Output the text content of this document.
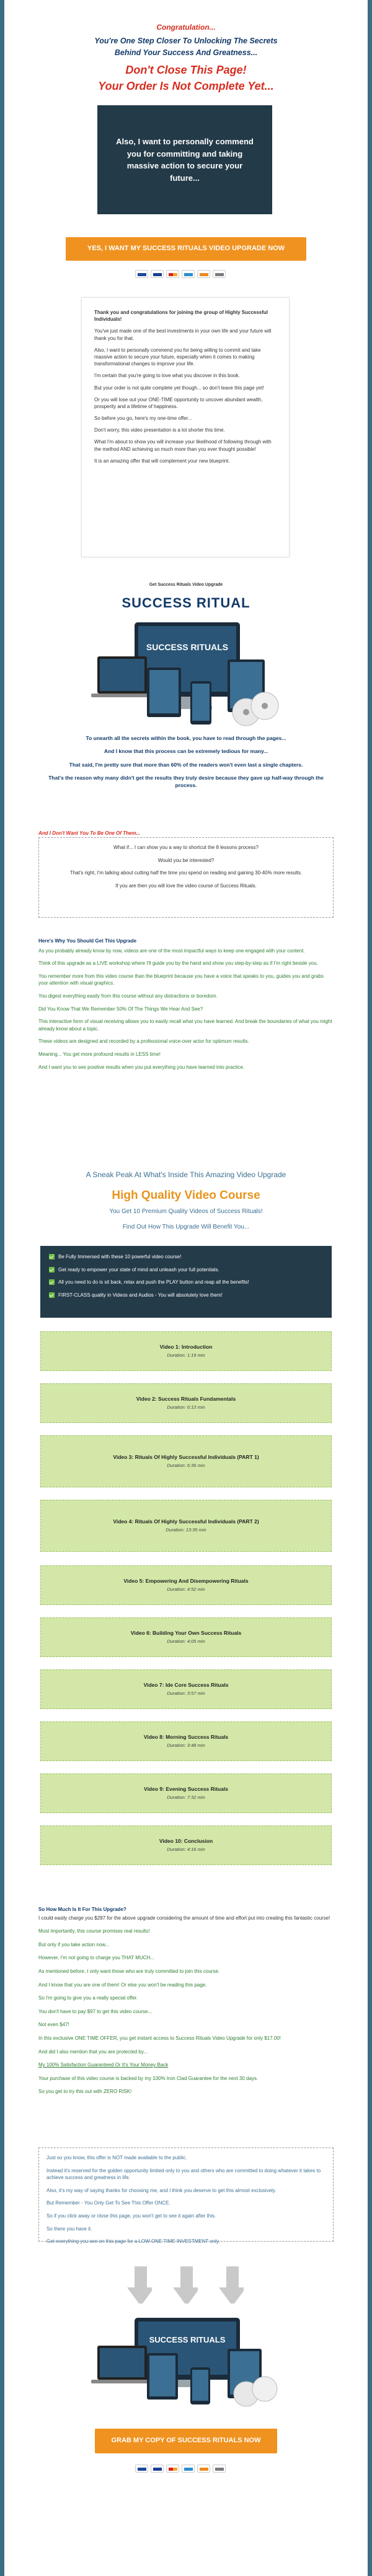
Congratulation...
You're One Step Closer To Unlocking The Secrets
Behind Your Success And Greatness...
Don't Close This Page!
Your Order Is Not Complete Yet...
Also, I want to personally commend you for committing and taking massive action to secure your future...
YES, I WANT MY SUCCESS RITUALS VIDEO UPGRADE NOW

Thank you and congratulations for joining the group of Highly Successful Individuals!

You've just made one of the best investments in your own life and your future will thank you for that.

Also, I want to personally commend you for being willing to commit and take massive action to secure your future, especially when it comes to making transformational changes to improve your life.

I'm certain that you're going to love what you discover in this book.

But your order is not quite complete yet though... so don't leave this page yet!

Or you will lose out your ONE-TIME opportunity to uncover abundant wealth, prosperity and a lifetime of happiness.

So before you go, here's my one-time offer...

Don't worry, this video presentation is a lot shorter this time.

What I'm about to show you will increase your likelihood of following through with the method AND achieving so much more than you ever thought possible!

It is an amazing offer that will complement your new blueprint.

Get Success Rituals Video Upgrade
SUCCESS RITUAL
SUCCESS RITUALS

To unearth all the secrets within the book, you have to read through the pages...

And I know that this process can be extremely tedious for many...

That said, I'm pretty sure that more than 60% of the readers won't even last a single chapters.

That's the reason why many didn't get the results they truly desire because they gave up half-way through the process.

And I Don't Want You To Be One Of Them...

What if... I can show you a way to shortcut the 8 lessons process?

Would you be interested?

That's right, I'm talking about cutting half the time you spend on reading and gaining 30-40% more results.

If you are then you will love the video course of Success Rituals.

Here's Why You Should Get This Upgrade

As you probably already know by now, videos are one of the most impactful ways to keep one engaged with your content.

Think of this upgrade as a LIVE workshop where I'll guide you by the hand and show you step-by-step as if I'm right beside you.

You remember more from this video course than the blueprint because you have a voice that speaks to you, guides you and grabs your attention with visual graphics.

You digest everything easily from this course without any distractions or boredom.

Did You Know That We Remember 50% Of The Things We Hear And See?

This interactive form of visual receiving allows you to easily recall what you have learned. And break the boundaries of what you might already know about a topic.

These videos are designed and recorded by a professional voice-over actor for optimum results.

Meaning... You get more profound results in LESS time!

And I want you to see positive results when you put everything you have learned into practice.

A Sneak Peak At What's Inside This Amazing Video Upgrade
High Quality Video Course
You Get 10 Premium Quality Videos of Success Rituals!
Find Out How This Upgrade Will Benefit You...
Be Fully Immersed with these 10 powerful video course!
Get ready to empower your state of mind and unleash your full potentials.
All you need to do is sit back, relax and push the PLAY button and reap all the benefits!
FIRST-CLASS quality in Videos and Audios - You will absolutely love them!
Video 1: Introduction
Duration: 1:19 min
Video 2: Success Rituals Fundamentals
Duration: 6:13 min
Video 3: Rituals Of Highly Successful Individuals (PART 1)
Duration: 6:36 min
Video 4: Rituals Of Highly Successful Individuals (PART 2)
Duration: 13:35 min
Video 5: Empowering And Disempowering Rituals
Duration: 4:52 min
Video 6: Building Your Own Success Rituals
Duration: 4:05 min
Video 7: Ide Core Success Rituals
Duration: 3:57 min
Video 8: Morning Success Rituals
Duration: 3:48 min
Video 9: Evening Success Rituals
Duration: 7:32 min
Video 10: Conclusion
Duration: 4:16 min

So How Much Is It For This Upgrade?

I could easily charge you $297 for the above upgrade considering the amount of time and effort put into creating this fantastic course!

Most importantly, this course promises real results!

But only if you take action now...

However, I'm not going to charge you THAT MUCH...

As mentioned before, I only want those who are truly committed to join this course.

And I know that you are one of them! Or else you won't be reading this page.

So I'm going to give you a really special offer.

You don't have to pay $97 to get this video course...

Not even $47!

In this exclusive ONE TIME OFFER, you get instant access to Success Rituals Video Upgrade for only $17.00!

And did I also mention that you are protected by...

My 100% Satisfaction Guaranteed Or It's Your Money Back

Your purchase of this video course is backed by my 100% Iron Clad Guarantee for the next 30 days.

So you get to try this out with ZERO RISK!

Just so you know, this offer is NOT made available to the public.

Instead it's reserved for the golden opportunity limited only to you and others who are committed to doing whatever it takes to achieve success and greatness in life.

Also, it's my way of saying thanks for choosing me, and I think you deserve to get this almost exclusively.

But Remember - You Only Get To See This Offer ONCE.

So if you click away or close this page, you won't get to see it again after this.

So there you have it.

Get everything you see on this page for a LOW ONE TIME INVESTMENT only.

SUCCESS RITUALS
GRAB MY COPY OF SUCCESS RITUALS NOW
